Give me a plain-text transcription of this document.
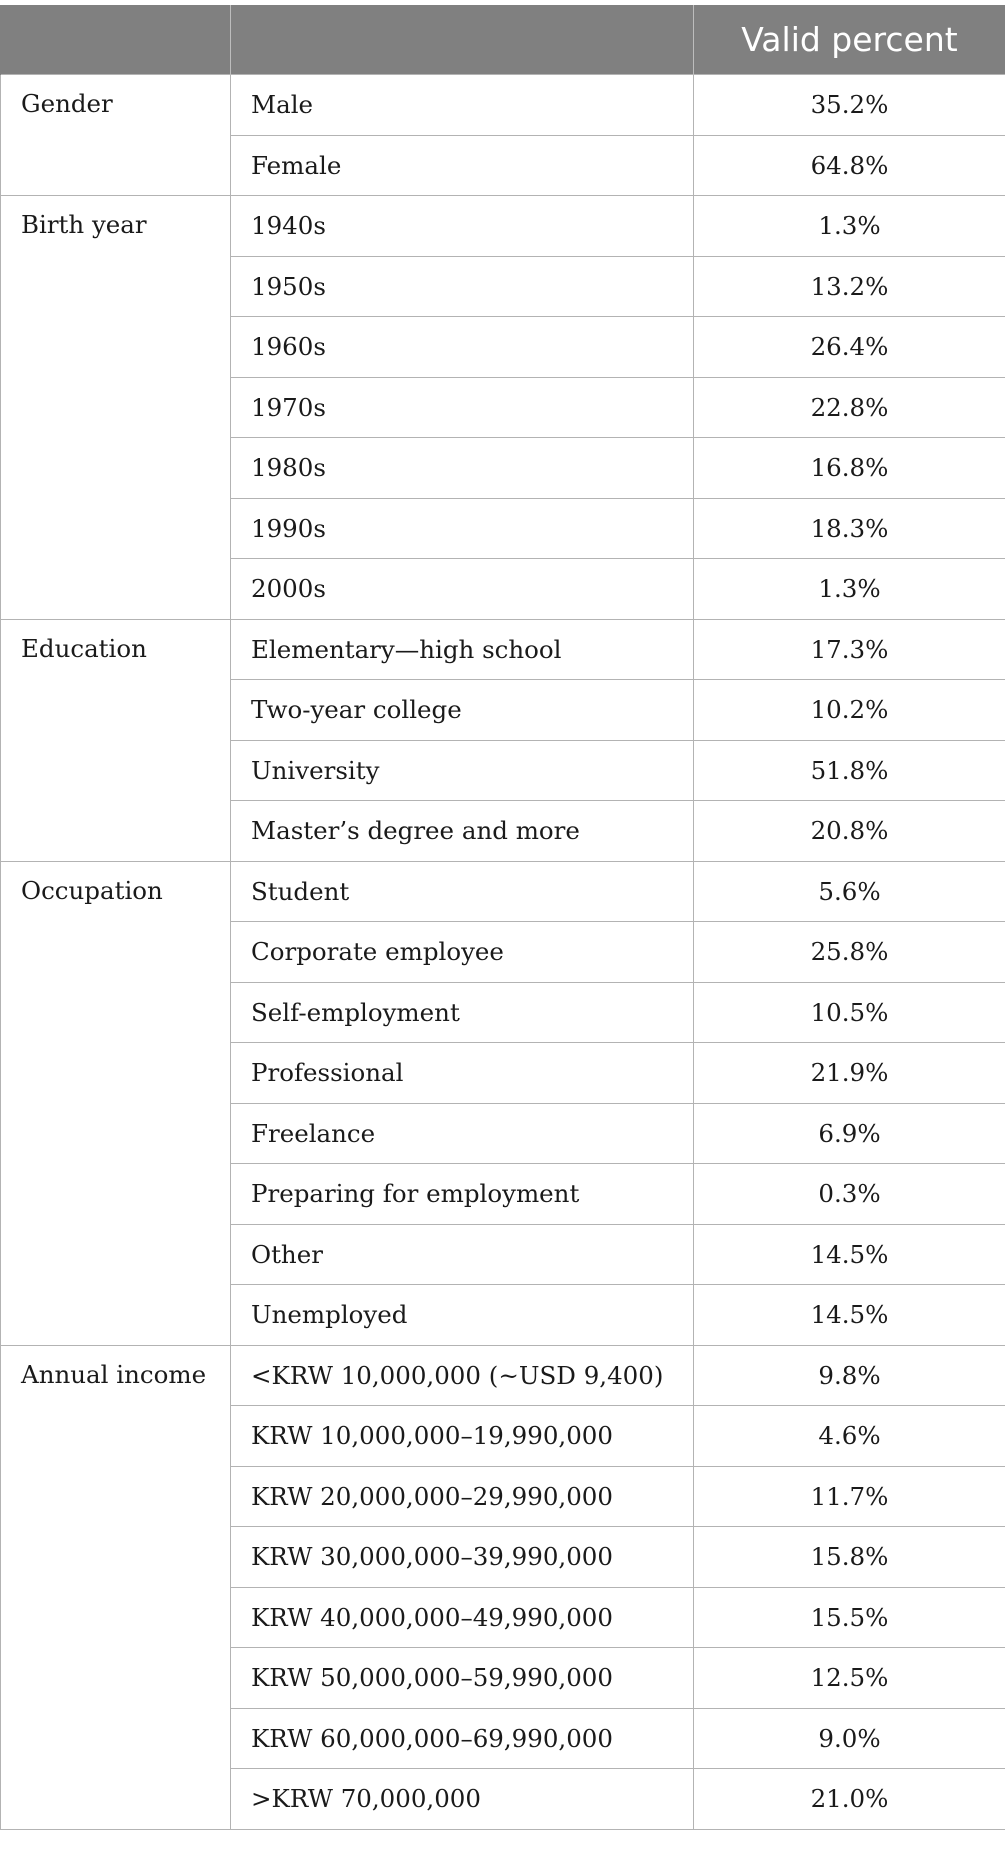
		Valid percent
Gender	Male	35.2%
	Female	64.8%
Birth year	1940s	1.3%
	1950s	13.2%
	1960s	26.4%
	1970s	22.8%
	1980s	16.8%
	1990s	18.3%
	2000s	1.3%
Education	Elementary—high school	17.3%
	Two-year college	10.2%
	University	51.8%
	Master’s degree and more	20.8%
Occupation	Student	5.6%
	Corporate employee	25.8%
	Self-employment	10.5%
	Professional	21.9%
	Freelance	6.9%
	Preparing for employment	0.3%
	Other	14.5%
	Unemployed	14.5%
Annual income	<KRW 10,000,000 (~USD 9,400)	9.8%
	KRW 10,000,000–19,990,000	4.6%
	KRW 20,000,000–29,990,000	11.7%
	KRW 30,000,000–39,990,000	15.8%
	KRW 40,000,000–49,990,000	15.5%
	KRW 50,000,000–59,990,000	12.5%
	KRW 60,000,000–69,990,000	9.0%
	>KRW 70,000,000	21.0%
